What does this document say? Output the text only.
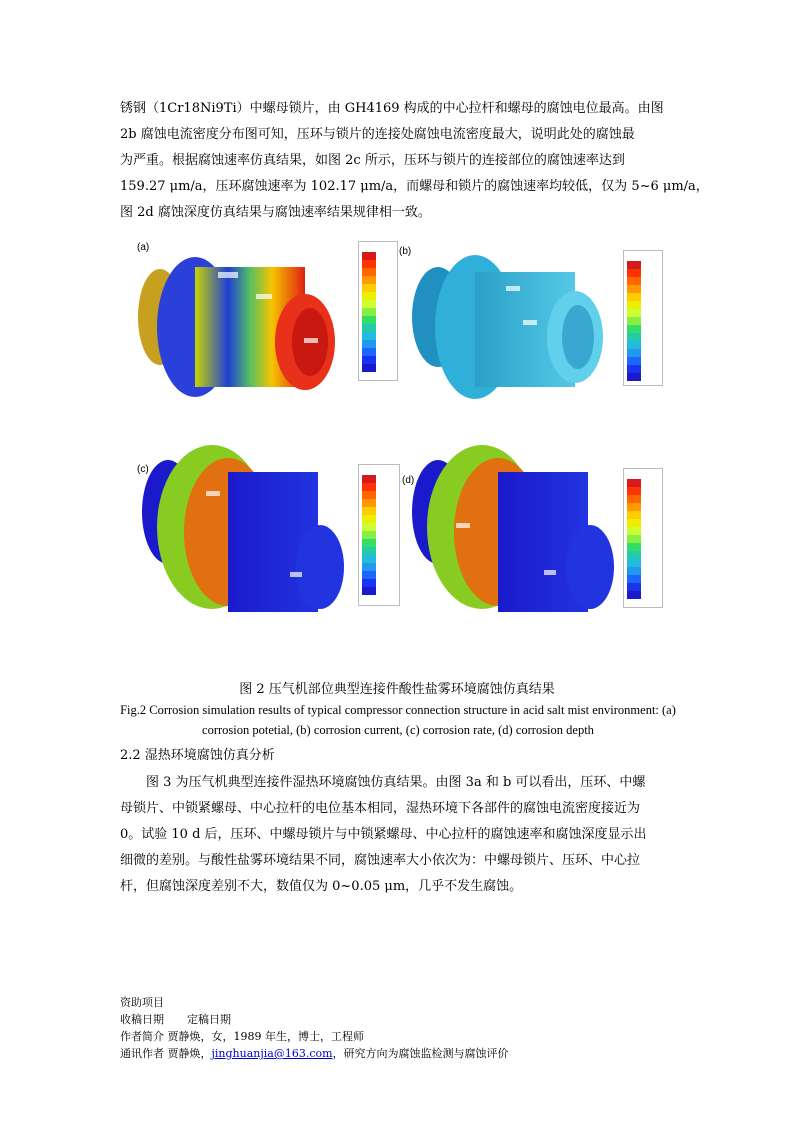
锈钢（1Cr18Ni9Ti）中螺母锁片，由 GH4169 构成的中心拉杆和螺母的腐蚀电位最高。由图
2b 腐蚀电流密度分布图可知，压环与锁片的连接处腐蚀电流密度最大，说明此处的腐蚀最
为严重。根据腐蚀速率仿真结果，如图 2c 所示，压环与锁片的连接部位的腐蚀速率达到
159.27 μm/a，压环腐蚀速率为 102.17 μm/a，而螺母和锁片的腐蚀速率均较低，仅为 5~6 μm/a，
图 2d 腐蚀深度仿真结果与腐蚀速率结果规律相一致。
(a)	(b)
(c)
(d)
图 2 压气机部位典型连接件酸性盐雾环境腐蚀仿真结果
Fig.2 Corrosion simulation results of typical compressor connection structure in acid salt mist environment: (a) corrosion potetial, (b) corrosion current, (c) corrosion rate, (d) corrosion depth
2.2 湿热环境腐蚀仿真分析
图 3 为压气机典型连接件湿热环境腐蚀仿真结果。由图 3a 和 b 可以看出，压环、中螺
母锁片、中锁紧螺母、中心拉杆的电位基本相同，湿热环境下各部件的腐蚀电流密度接近为
0。试验 10 d 后，压环、中螺母锁片与中锁紧螺母、中心拉杆的腐蚀速率和腐蚀深度显示出
细微的差别。与酸性盐雾环境结果不同，腐蚀速率大小依次为：中螺母锁片、压环、中心拉
杆，但腐蚀深度差别不大，数值仅为 0~0.05 μm，几乎不发生腐蚀。
资助项目
收稿日期 定稿日期
作者简介 贾静焕，女，1989 年生，博士，工程师
通讯作者 贾静焕，jinghuanjia@163.com，研究方向为腐蚀监检测与腐蚀评价
